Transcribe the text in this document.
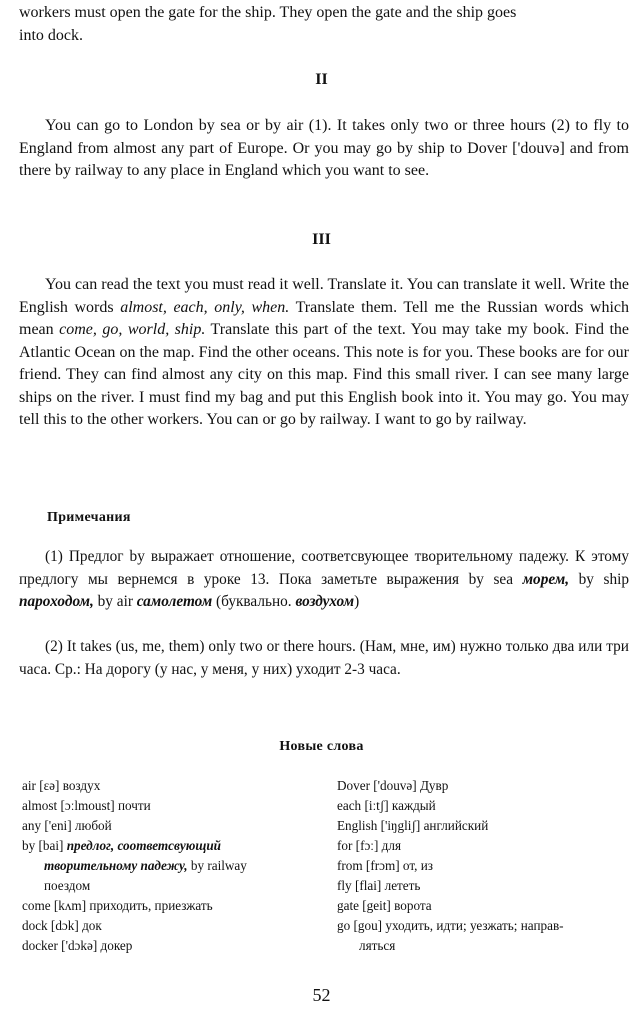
workers must open the gate for the ship. They open the gate and the ship goes
into dock.
II

You can go to London by sea or by air (1). It takes only two or three hours (2) to fly to England from almost any part of Europe. Or you may go by ship to Dover ['douvə] and from there by railway to any place in England which you want to see.

III

You can read the text you must read it well. Translate it. You can translate it well. Write the English words almost, each, only, when. Translate them. Tell me the Russian words which mean come, go, world, ship. Translate this part of the text. You may take my book. Find the Atlantic Ocean on the map. Find the other oceans. This note is for you. These books are for our friend. They can find almost any city on this map. Find this small river. I can see many large ships on the river. I must find my bag and put this English book into it. You may go. You may tell this to the other workers. You can or go by railway. I want to go by railway.

Примечания

(1) Предлог by выражает отношение, соответсвующее творительному падежу. К этому предлогу мы вернемся в уроке 13. Пока заметьте выражения by sea морем, by ship пароходом, by air самолетом (буквально. воздухом)

(2) It takes (us, me, them) only two or there hours. (Нам, мне, им) нужно только два или три часа. Ср.: На дорогу (у нас, у меня, у них) уходит 2-3 часа.

Новые слова
air [ɛə] воздух
almost [ɔːlmoust] почти
any ['eni] любой
by [bai] предлог, соответсвующий
творительному падежу, by railway
поездом
come [kʌm] приходить, приезжать
dock [dɔk] док
docker ['dɔkə] докер
Dover ['douvə] Дувр
each [iːtʃ] каждый
English ['iŋgliʃ] английский
for [fɔː] для
from [frɔm] от, из
fly [flai] лететь
gate [geit] ворота
go [gou] уходить, идти; уезжать; направ-
ляться
52
